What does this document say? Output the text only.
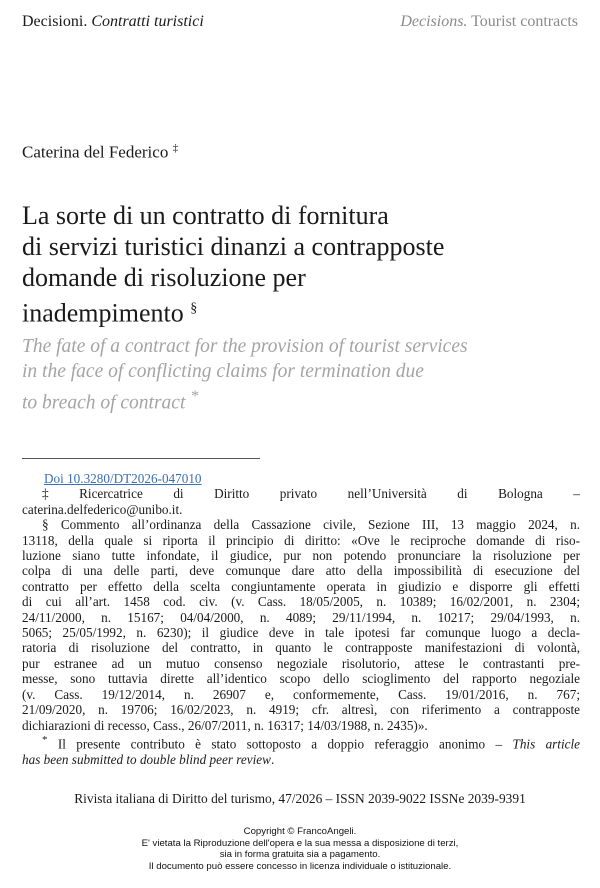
Decisioni. Contratti turistici	Decisions. Tourist contracts
Caterina del Federico ‡
La sorte di un contratto di fornitura
di servizi turistici dinanzi a contrapposte
domande di risoluzione per
inadempimento §
The fate of a contract for the provision of tourist services
in the face of conflicting claims for termination due
to breach of contract *
Doi 10.3280/DT2026-047010
‡ Ricercatrice di Diritto privato nell’Università di Bologna –
caterina.delfederico@unibo.it.
§ Commento all’ordinanza della Cassazione civile, Sezione III, 13 maggio 2024, n.
13118, della quale si riporta il principio di diritto: «Ove le reciproche domande di riso-
luzione siano tutte infondate, il giudice, pur non potendo pronunciare la risoluzione per
colpa di una delle parti, deve comunque dare atto della impossibilità di esecuzione del
contratto per effetto della scelta congiuntamente operata in giudizio e disporre gli effetti
di cui all’art. 1458 cod. civ. (v. Cass. 18/05/2005, n. 10389; 16/02/2001, n. 2304;
24/11/2000, n. 15167; 04/04/2000, n. 4089; 29/11/1994, n. 10217; 29/04/1993, n.
5065; 25/05/1992, n. 6230); il giudice deve in tale ipotesi far comunque luogo a decla-
ratoria di risoluzione del contratto, in quanto le contrapposte manifestazioni di volontà,
pur estranee ad un mutuo consenso negoziale risolutorio, attese le contrastanti pre-
messe, sono tuttavia dirette all’identico scopo dello scioglimento del rapporto negoziale
(v. Cass. 19/12/2014, n. 26907 e, conformemente, Cass. 19/01/2016, n. 767;
21/09/2020, n. 19706; 16/02/2023, n. 4919; cfr. altresì, con riferimento a contrapposte
dichiarazioni di recesso, Cass., 26/07/2011, n. 16317; 14/03/1988, n. 2435)».
* Il presente contributo è stato sottoposto a doppio referaggio anonimo – This article
has been submitted to double blind peer review.
Rivista italiana di Diritto del turismo, 47/2026 – ISSN 2039-9022 ISSNe 2039-9391
Copyright © FrancoAngeli.
E' vietata la Riproduzione dell'opera e la sua messa a disposizione di terzi,
sia in forma gratuita sia a pagamento.
Il documento può essere concesso in licenza individuale o istituzionale.
